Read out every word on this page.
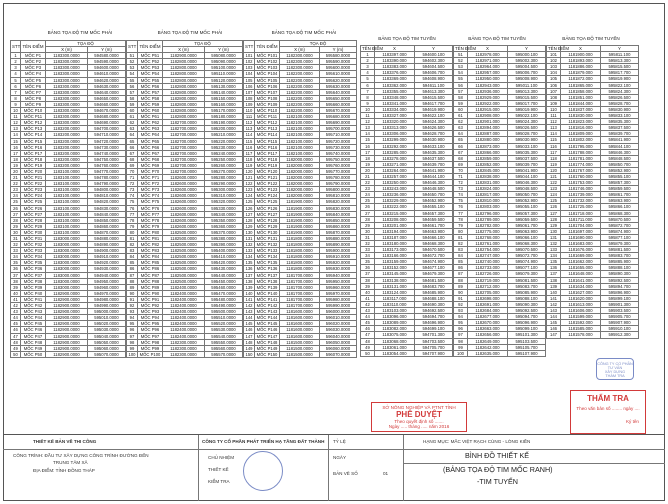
BẢNG TỌA ĐỘ TIM MỐC PHẢI	BẢNG TỌA ĐỘ TIM MỐC PHẢI	BẢNG TỌA ĐỘ TIM MỐC PHẢI
STT	TÊN ĐIỂM	TỌA ĐỘ	
		X (m)	Y (m)
1	MỐC P1	1183300.0000	594580.0000
2	MỐC P2	1183300.0000	594590.0000
3	MỐC P3	1183300.0000	594600.0000
4	MỐC P4	1183300.0000	594610.0000
5	MỐC P5	1183300.0000	594620.0000
6	MỐC P6	1183300.0000	594630.0000
7	MỐC P7	1183300.0000	594640.0000
8	MỐC P8	1183300.0000	594650.0000
9	MỐC P9	1183300.0000	594660.0000
10	MỐC P10	1183300.0000	594670.0000
11	MỐC P11	1183300.0000	594680.0000
12	MỐC P12	1183300.0000	594690.0000
13	MỐC P13	1183200.0000	594700.0000
14	MỐC P14	1183200.0000	594710.0000
15	MỐC P15	1183200.0000	594720.0000
16	MỐC P16	1183200.0000	594730.0000
17	MỐC P17	1183200.0000	594740.0000
18	MỐC P18	1183200.0000	594750.0000
19	MỐC P19	1183200.0000	594760.0000
20	MỐC P20	1183100.0000	594770.0000
21	MỐC P21	1183100.0000	594780.0000
22	MỐC P22	1183100.0000	594790.0000
23	MỐC P23	1183100.0000	594800.0000
24	MỐC P24	1183100.0000	594810.0000
25	MỐC P25	1183100.0000	594820.0000
26	MỐC P26	1183100.0000	594830.0000
27	MỐC P27	1183100.0000	594840.0000
28	MỐC P28	1183100.0000	594850.0000
29	MỐC P29	1183100.0000	594860.0000
30	MỐC P30	1183100.0000	594870.0000
31	MỐC P31	1183000.0000	594880.0000
32	MỐC P32	1183000.0000	594890.0000
33	MỐC P33	1183000.0000	594900.0000
34	MỐC P34	1183000.0000	594910.0000
35	MỐC P35	1183000.0000	594920.0000
36	MỐC P36	1183000.0000	594930.0000
37	MỐC P37	1183000.0000	594940.0000
38	MỐC P38	1183000.0000	594950.0000
39	MỐC P39	1183000.0000	594960.0000
40	MỐC P40	1182900.0000	594970.0000
41	MỐC P41	1182900.0000	594980.0000
42	MỐC P42	1182900.0000	594990.0000
43	MỐC P43	1182900.0000	595000.0000
44	MỐC P44	1182900.0000	595010.0000
45	MỐC P45	1182900.0000	595020.0000
46	MỐC P46	1182900.0000	595030.0000
47	MỐC P47	1182900.0000	595040.0000
48	MỐC P48	1182900.0000	595050.0000
49	MỐC P49	1182900.0000	595060.0000
50	MỐC P50	1182900.0000	595070.0000
STT	TÊN ĐIỂM	TỌA ĐỘ	
		X (m)	Y (m)
51	MỐC P51	1182900.0000	595080.0000
52	MỐC P52	1182800.0000	595090.0000
53	MỐC P53	1182800.0000	595100.0000
54	MỐC P54	1182800.0000	595110.0000
55	MỐC P55	1182800.0000	595120.0000
56	MỐC P56	1182800.0000	595130.0000
57	MỐC P57	1182800.0000	595140.0000
58	MỐC P58	1182800.0000	595150.0000
59	MỐC P59	1182800.0000	595160.0000
60	MỐC P60	1182800.0000	595170.0000
61	MỐC P61	1182800.0000	595180.0000
62	MỐC P62	1182700.0000	595190.0000
63	MỐC P63	1182700.0000	595200.0000
64	MỐC P64	1182700.0000	595210.0000
65	MỐC P65	1182700.0000	595220.0000
66	MỐC P66	1182700.0000	595230.0000
67	MỐC P67	1182700.0000	595240.0000
68	MỐC P68	1182700.0000	595250.0000
69	MỐC P69	1182700.0000	595260.0000
70	MỐC P70	1182700.0000	595270.0000
71	MỐC P71	1182600.0000	595280.0000
72	MỐC P72	1182600.0000	595290.0000
73	MỐC P73	1182600.0000	595300.0000
74	MỐC P74	1182600.0000	595310.0000
75	MỐC P75	1182600.0000	595320.0000
76	MỐC P76	1182600.0000	595330.0000
77	MỐC P77	1182600.0000	595340.0000
78	MỐC P78	1182600.0000	595350.0000
79	MỐC P79	1182600.0000	595360.0000
80	MỐC P80	1182500.0000	595370.0000
81	MỐC P81	1182500.0000	595380.0000
82	MỐC P82	1182500.0000	595390.0000
83	MỐC P83	1182500.0000	595400.0000
84	MỐC P84	1182500.0000	595410.0000
85	MỐC P85	1182500.0000	595420.0000
86	MỐC P86	1182500.0000	595430.0000
87	MỐC P87	1182500.0000	595440.0000
88	MỐC P88	1182500.0000	595450.0000
89	MỐC P89	1182400.0000	595460.0000
90	MỐC P90	1182400.0000	595470.0000
91	MỐC P91	1182400.0000	595480.0000
92	MỐC P92	1182400.0000	595490.0000
93	MỐC P93	1182400.0000	595500.0000
94	MỐC P94	1182400.0000	595510.0000
95	MỐC P95	1182400.0000	595520.0000
96	MỐC P96	1182400.0000	595530.0000
97	MỐC P97	1182400.0000	595540.0000
98	MỐC P98	1182300.0000	595550.0000
99	MỐC P99	1182300.0000	595560.0000
100	MỐC P100	1182300.0000	595570.0000
STT	TÊN ĐIỂM	TỌA ĐỘ	
		X (m)	Y (m)
101	MỐC P101	1182300.0000	595580.0000
102	MỐC P102	1182300.0000	595590.0000
103	MỐC P103	1182300.0000	595600.0000
104	MỐC P104	1182200.0000	595610.0000
105	MỐC P105	1182200.0000	595620.0000
106	MỐC P106	1182200.0000	595630.0000
107	MỐC P107	1182200.0000	595640.0000
108	MỐC P108	1182200.0000	595650.0000
109	MỐC P109	1182200.0000	595660.0000
110	MỐC P110	1182200.0000	595670.0000
111	MỐC P111	1182100.0000	595680.0000
112	MỐC P112	1182100.0000	595690.0000
113	MỐC P113	1182100.0000	595700.0000
114	MỐC P114	1182100.0000	595710.0000
115	MỐC P115	1182100.0000	595720.0000
116	MỐC P116	1182100.0000	595730.0000
117	MỐC P117	1182100.0000	595740.0000
118	MỐC P118	1182000.0000	595750.0000
119	MỐC P119	1182000.0000	595760.0000
120	MỐC P120	1182000.0000	595770.0000
121	MỐC P121	1182000.0000	595780.0000
122	MỐC P122	1182000.0000	595790.0000
123	MỐC P123	1182000.0000	595800.0000
124	MỐC P124	1182000.0000	595810.0000
125	MỐC P125	1181900.0000	595820.0000
126	MỐC P126	1181900.0000	595830.0000
127	MỐC P127	1181900.0000	595840.0000
128	MỐC P128	1181900.0000	595850.0000
129	MỐC P129	1181900.0000	595860.0000
130	MỐC P130	1181900.0000	595870.0000
131	MỐC P131	1181800.0000	595880.0000
132	MỐC P132	1181800.0000	595890.0000
133	MỐC P133	1181800.0000	595900.0000
134	MỐC P134	1181800.0000	595910.0000
135	MỐC P135	1181800.0000	595920.0000
136	MỐC P136	1181800.0000	595930.0000
137	MỐC P137	1181700.0000	595940.0000
138	MỐC P138	1181700.0000	595950.0000
139	MỐC P139	1181700.0000	595960.0000
140	MỐC P140	1181700.0000	595970.0000
141	MỐC P141	1181700.0000	595980.0000
142	MỐC P142	1181700.0000	595990.0000
143	MỐC P143	1181600.0000	596000.0000
144	MỐC P144	1181600.0000	596010.0000
145	MỐC P145	1181600.0000	596020.0000
146	MỐC P146	1181600.0000	596030.0000
147	MỐC P147	1181600.0000	596040.0000
148	MỐC P148	1181500.0000	596050.0000
149	MỐC P149	1181500.0000	596060.0000
150	MỐC P150	1181500.0000	596070.0000
BẢNG TỌA ĐỘ TIM TUYẾN	BẢNG TỌA ĐỘ TIM TUYẾN	BẢNG TỌA ĐỘ TIM TUYẾN
TÊN ĐIỂM	X	Y
1	1183397.000	594600.100
2	1183390.000	594602.300
3	1183383.000	594604.500
4	1183376.000	594606.700
5	1183369.000	594608.900
6	1183362.000	594611.100
7	1183355.000	594613.300
8	1183348.000	594615.500
9	1183341.000	594617.700
10	1183334.000	594619.900
11	1183327.000	594622.100
12	1183320.000	594624.300
13	1183313.000	594626.500
14	1183306.000	594628.700
15	1183299.000	594630.900
16	1183292.000	594633.100
17	1183285.000	594635.300
18	1183278.000	594637.500
19	1183271.000	594639.700
20	1183264.000	594641.900
21	1183257.000	594644.100
22	1183250.000	594646.300
23	1183243.000	594648.500
24	1183236.000	594650.700
25	1183229.000	594652.900
26	1183222.000	594655.100
27	1183215.000	594657.300
28	1183208.000	594659.500
29	1183201.000	594661.700
30	1183194.000	594663.900
31	1183187.000	594666.100
32	1183180.000	594668.300
33	1183173.000	594670.500
34	1183166.000	594672.700
35	1183159.000	594674.900
36	1183152.000	594677.100
37	1183145.000	594679.300
38	1183138.000	594681.500
39	1183131.000	594683.700
40	1183124.000	594685.900
41	1183117.000	594688.100
42	1183110.000	594690.300
43	1183103.000	594692.500
44	1183096.000	594694.700
45	1183089.000	594696.900
46	1183082.000	594699.100
47	1183075.000	594701.300
48	1183068.000	594703.500
49	1183061.000	594705.700
50	1183054.000	594707.900
TÊN ĐIỂM	X	Y
51	1182978.000	595000.100
52	1182971.000	595002.300
53	1182964.000	595004.500
54	1182957.000	595006.700
55	1182950.000	595008.900
56	1182943.000	595011.100
57	1182936.000	595013.300
58	1182929.000	595015.500
59	1182922.000	595017.700
60	1182915.000	595019.900
61	1182908.000	595022.100
62	1182901.000	595024.300
63	1182894.000	595026.500
64	1182887.000	595028.700
65	1182880.000	595030.900
66	1182873.000	595033.100
67	1182866.000	595035.300
68	1182859.000	595037.500
69	1182852.000	595039.700
70	1182845.000	595041.900
71	1182838.000	595044.100
72	1182831.000	595046.300
73	1182824.000	595048.500
74	1182817.000	595050.700
75	1182810.000	595052.900
76	1182803.000	595055.100
77	1182796.000	595057.300
78	1182789.000	595059.500
79	1182782.000	595061.700
80	1182775.000	595063.900
81	1182768.000	595066.100
82	1182761.000	595068.300
83	1182754.000	595070.500
84	1182747.000	595072.700
85	1182740.000	595074.900
86	1182733.000	595077.100
87	1182726.000	595079.300
88	1182719.000	595081.500
89	1182712.000	595083.700
90	1182705.000	595085.900
91	1182698.000	595088.100
92	1182691.000	595090.300
93	1182684.000	595092.500
94	1182677.000	595094.700
95	1182670.000	595096.900
96	1182663.000	595099.100
97	1182656.000	595101.300
98	1182649.000	595103.500
99	1182642.000	595105.700
100	1182635.000	595107.900
TÊN ĐIỂM	X	Y
101	1181900.000	595811.100
102	1181893.000	595813.300
103	1181886.000	595815.500
104	1181879.000	595817.700
105	1181872.000	595819.900
106	1181865.000	595822.100
107	1181858.000	595824.300
108	1181851.000	595826.500
109	1181844.000	595828.700
110	1181837.000	595830.900
111	1181830.000	595833.100
112	1181823.000	595835.300
113	1181816.000	595837.500
114	1181809.000	595839.700
115	1181802.000	595841.900
116	1181795.000	595844.100
117	1181788.000	595846.300
118	1181781.000	595848.500
119	1181774.000	595850.700
120	1181767.000	595852.900
121	1181760.000	595855.100
122	1181753.000	595857.300
123	1181746.000	595859.500
124	1181739.000	595861.700
125	1181732.000	595863.900
126	1181725.000	595866.100
127	1181718.000	595868.300
128	1181711.000	595870.500
129	1181704.000	595872.700
130	1181697.000	595874.900
131	1181690.000	595877.100
132	1181683.000	595879.300
133	1181676.000	595881.500
134	1181669.000	595883.700
135	1181662.000	595885.900
136	1181655.000	595888.100
137	1181648.000	595890.300
138	1181641.000	595892.500
139	1181634.000	595894.700
140	1181627.000	595896.900
141	1181620.000	595899.100
142	1181613.000	595901.300
143	1181606.000	595903.500
144	1181599.000	595905.700
145	1181592.000	595907.900
146	1181585.000	595910.100
147	1181578.000	595912.300
SỞ NÔNG NGHIỆP VÀ PTNT TỈNH
PHÊ DUYỆT
Theo quyết định số .......
Ngày ..... tháng ..... năm 2016
THẨM TRA
Theo văn bản số ........ ngày ....
Ký tên
CÔNG TY CỔ PHẦN TƯ VẤN
XÂY DỰNG
THẨM TRA
THIẾT KẾ BẢN VẼ THI CÔNG
CÔNG TRÌNH: ĐẦU TƯ XÂY DỰNG CÔNG TRÌNH ĐƯỜNG ĐẾN
TRUNG TÂM XÃ
ĐỊA ĐIỂM: TỈNH ĐỒNG THÁP
CÔNG TY CỔ PHẦN PHÁT TRIỂN HẠ TẦNG ĐẤT THÀNH
CHỦ NHIỆM
THIẾT KẾ
KIỂM TRA
TỶ LỆ
NGÀY
BẢN VẼ SỐ	01
HẠNG MỤC: MẮC VIỆT RẠCH CÙNG - LÒNG KIỀN
BÌNH ĐỒ THIẾT KẾ
(BẢNG TỌA ĐỘ TIM MỐC RANH)
-TIM TUYẾN
